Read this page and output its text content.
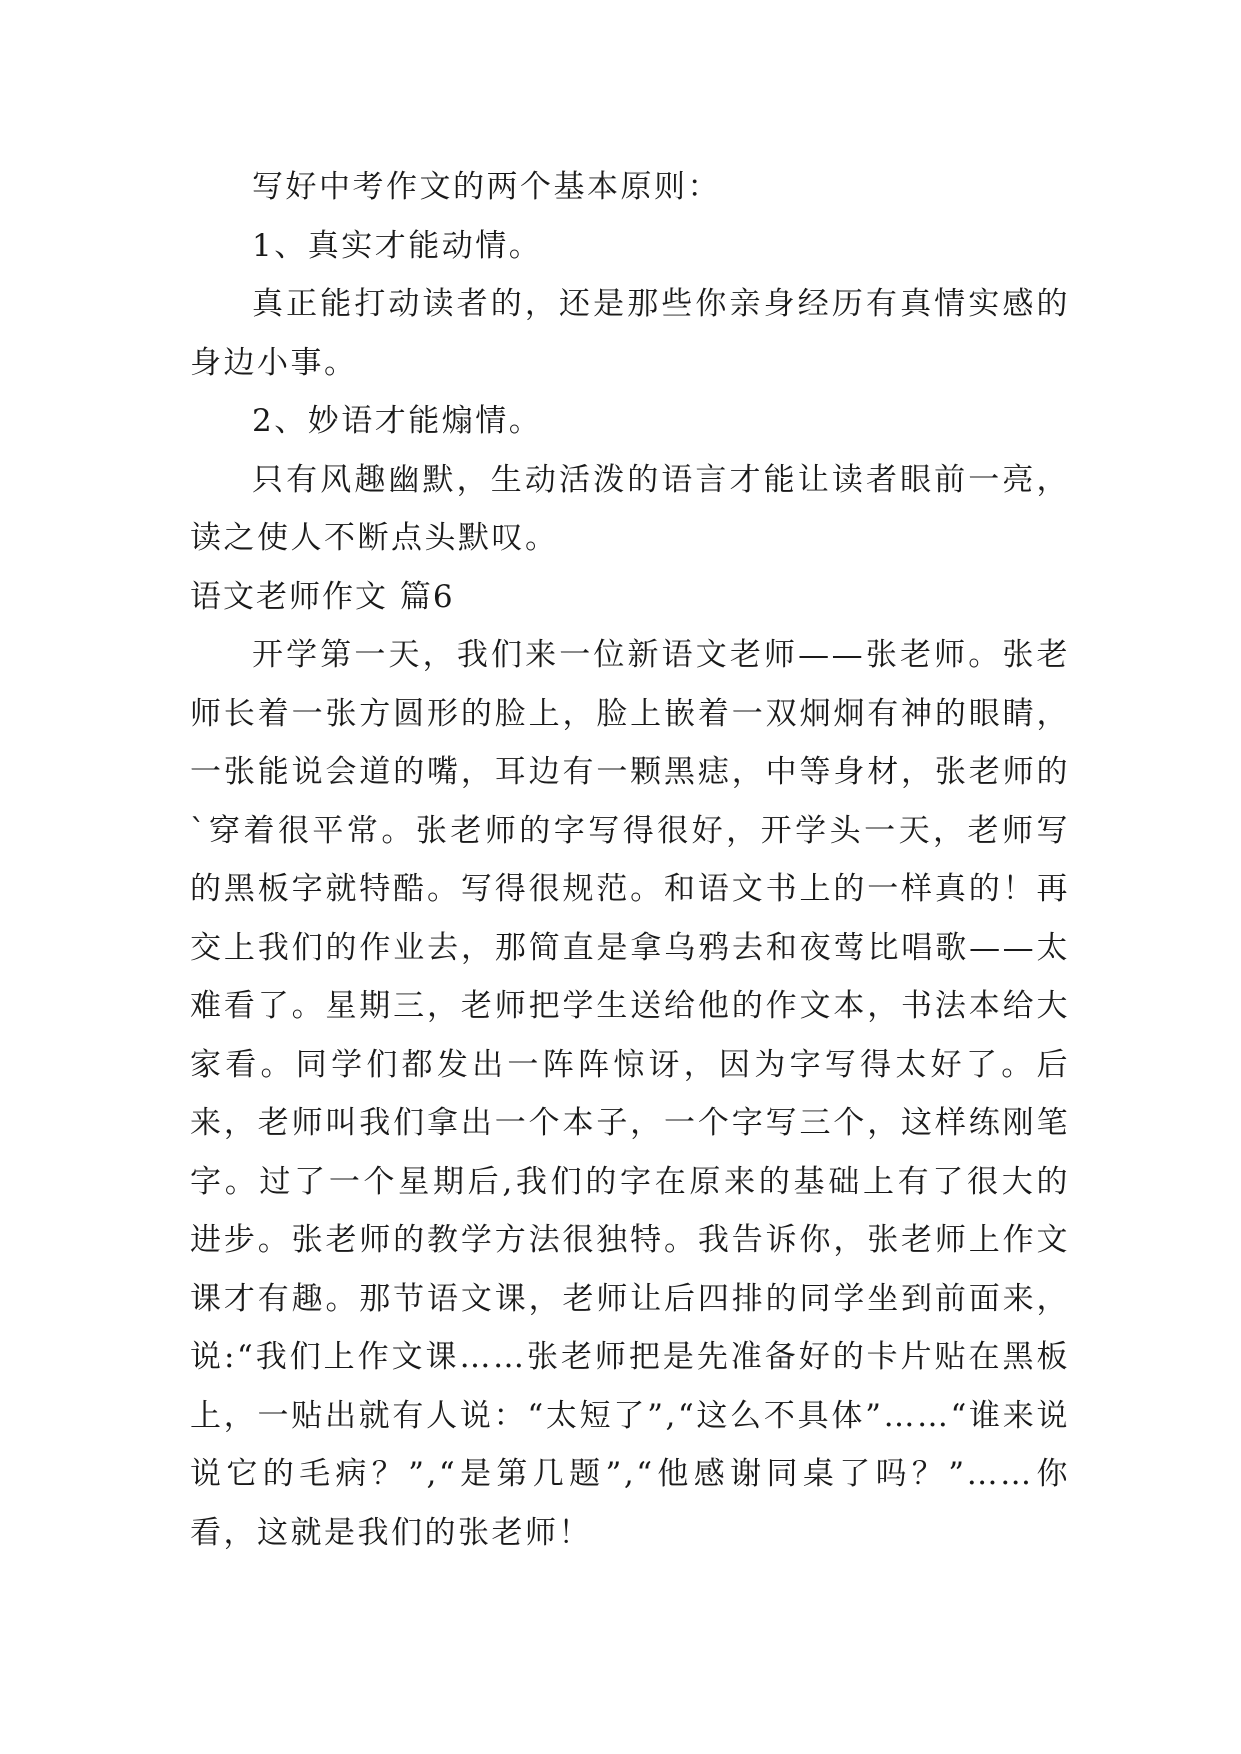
写好中考作文的两个基本原则：

1、真实才能动情。

真正能打动读者的，还是那些你亲身经历有真情实感的身边小事。

2、妙语才能煽情。

只有风趣幽默，生动活泼的语言才能让读者眼前一亮，读之使人不断点头默叹。

语文老师作文 篇6

开学第一天，我们来一位新语文老师——张老师。张老师长着一张方圆形的脸上，脸上嵌着一双炯炯有神的眼睛，一张能说会道的嘴，耳边有一颗黑痣，中等身材，张老师的`穿着很平常。张老师的字写得很好，开学头一天，老师写的黑板字就特酷。写得很规范。和语文书上的一样真的！再交上我们的作业去，那简直是拿乌鸦去和夜莺比唱歌——太难看了。星期三，老师把学生送给他的作文本，书法本给大家看。同学们都发出一阵阵惊讶，因为字写得太好了。后来，老师叫我们拿出一个本子，一个字写三个，这样练刚笔字。过了一个星期后,我们的字在原来的基础上有了很大的进步。张老师的教学方法很独特。我告诉你，张老师上作文课才有趣。那节语文课，老师让后四排的同学坐到前面来，说:“我们上作文课……张老师把是先准备好的卡片贴在黑板上，一贴出就有人说：“太短了”,“这么不具体”……“谁来说说它的毛病？”,“是第几题”,“他感谢同桌了吗？”……你看，这就是我们的张老师！
